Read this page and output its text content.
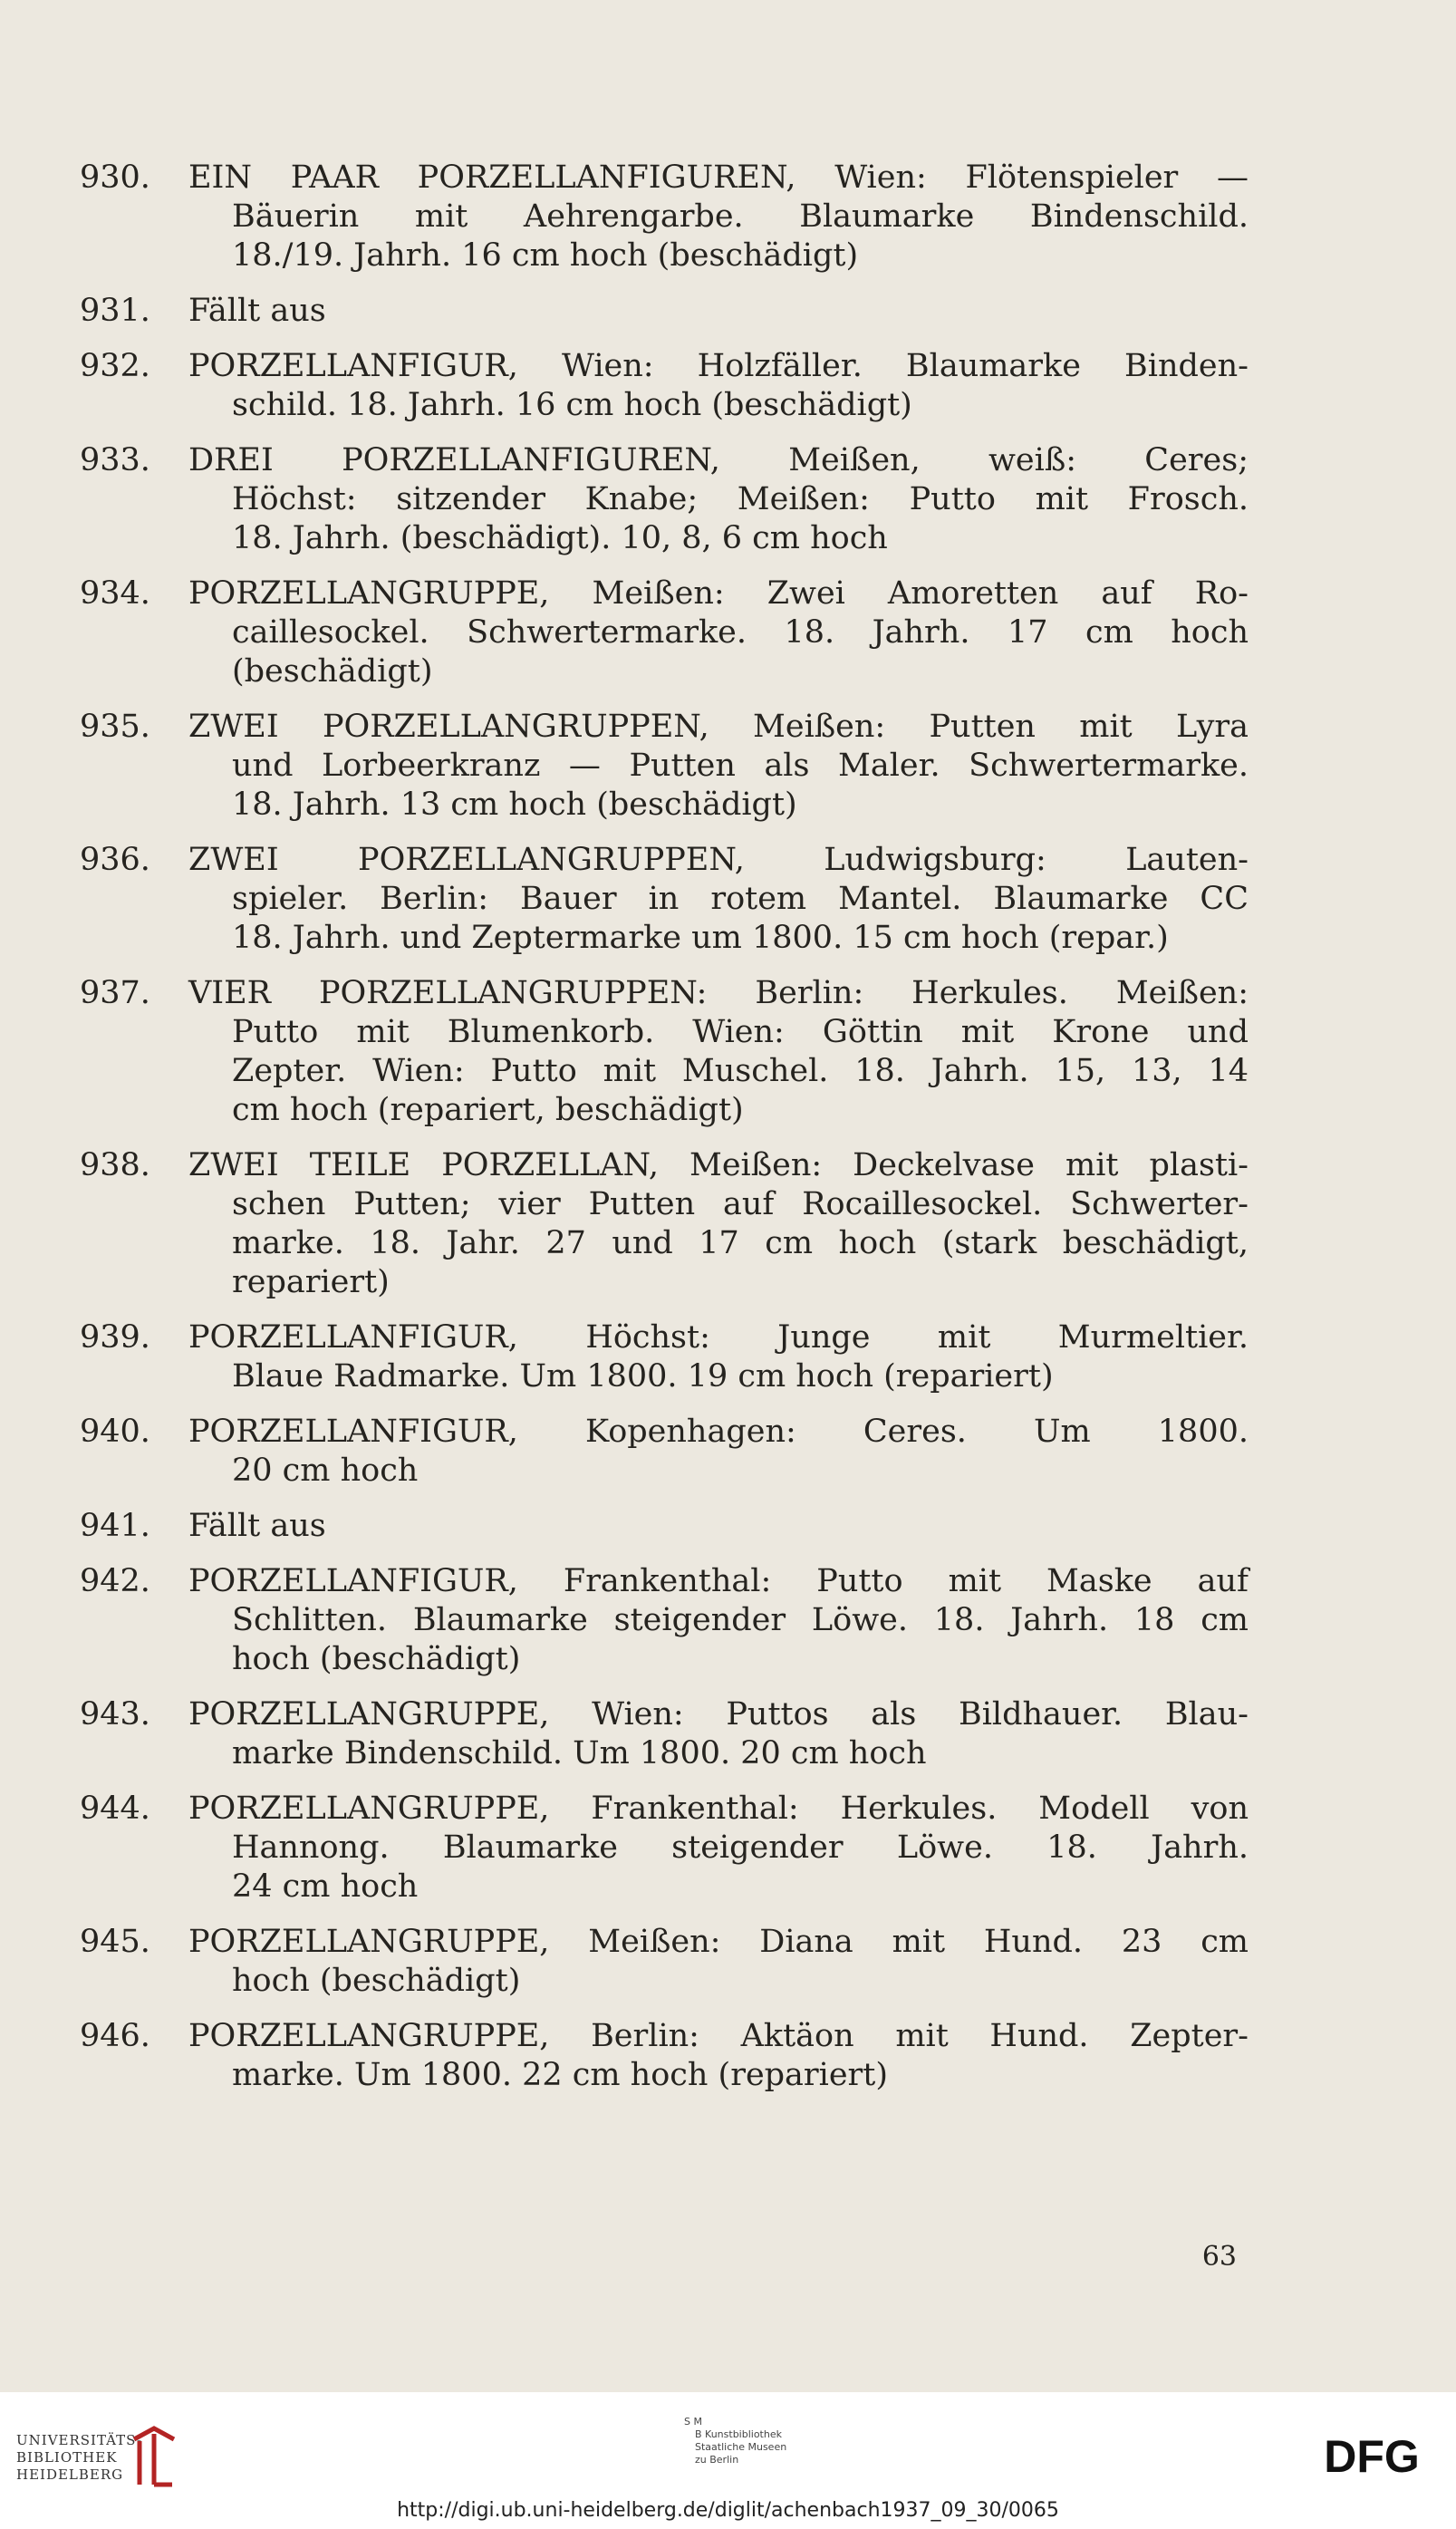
930.	EIN PAAR PORZELLANFIGUREN, Wien: Flötenspieler —
Bäuerin mit Aehrengarbe. Blaumarke Bindenschild.
18./19. Jahrh. 16 cm hoch (beschädigt)
931.	Fällt aus
932.	PORZELLANFIGUR, Wien: Holzfäller. Blaumarke Binden-
schild. 18. Jahrh. 16 cm hoch (beschädigt)
933.	DREI PORZELLANFIGUREN, Meißen, weiß: Ceres;
Höchst: sitzender Knabe; Meißen: Putto mit Frosch.
18. Jahrh. (beschädigt). 10, 8, 6 cm hoch
934.	PORZELLANGRUPPE, Meißen: Zwei Amoretten auf Ro-
caillesockel. Schwertermarke. 18. Jahrh. 17 cm hoch
(beschädigt)
935.	ZWEI PORZELLANGRUPPEN, Meißen: Putten mit Lyra
und Lorbeerkranz — Putten als Maler. Schwertermarke.
18. Jahrh. 13 cm hoch (beschädigt)
936.	ZWEI PORZELLANGRUPPEN, Ludwigsburg: Lauten-
spieler. Berlin: Bauer in rotem Mantel. Blaumarke CC
18. Jahrh. und Zeptermarke um 1800. 15 cm hoch (repar.)
937.	VIER PORZELLANGRUPPEN: Berlin: Herkules. Meißen:
Putto mit Blumenkorb. Wien: Göttin mit Krone und
Zepter. Wien: Putto mit Muschel. 18. Jahrh. 15, 13, 14
cm hoch (repariert, beschädigt)
938.	ZWEI TEILE PORZELLAN, Meißen: Deckelvase mit plasti-
schen Putten; vier Putten auf Rocaillesockel. Schwerter-
marke. 18. Jahr. 27 und 17 cm hoch (stark beschädigt,
repariert)
939.	PORZELLANFIGUR, Höchst: Junge mit Murmeltier.
Blaue Radmarke. Um 1800. 19 cm hoch (repariert)
940.	PORZELLANFIGUR, Kopenhagen: Ceres. Um 1800.
20 cm hoch
941.	Fällt aus
942.	PORZELLANFIGUR, Frankenthal: Putto mit Maske auf
Schlitten. Blaumarke steigender Löwe. 18. Jahrh. 18 cm
hoch (beschädigt)
943.	PORZELLANGRUPPE, Wien: Puttos als Bildhauer. Blau-
marke Bindenschild. Um 1800. 20 cm hoch
944.	PORZELLANGRUPPE, Frankenthal: Herkules. Modell von
Hannong. Blaumarke steigender Löwe. 18. Jahrh.
24 cm hoch
945.	PORZELLANGRUPPE, Meißen: Diana mit Hund. 23 cm
hoch (beschädigt)
946.	PORZELLANGRUPPE, Berlin: Aktäon mit Hund. Zepter-
marke. Um 1800. 22 cm hoch (repariert)
63
UNIVERSITÄTS-
BIBLIOTHEK
HEIDELBERG
S M
B Kunstbibliothek
Staatliche Museen
zu Berlin	DFG
http://digi.ub.uni-heidelberg.de/diglit/achenbach1937_09_30/0065
